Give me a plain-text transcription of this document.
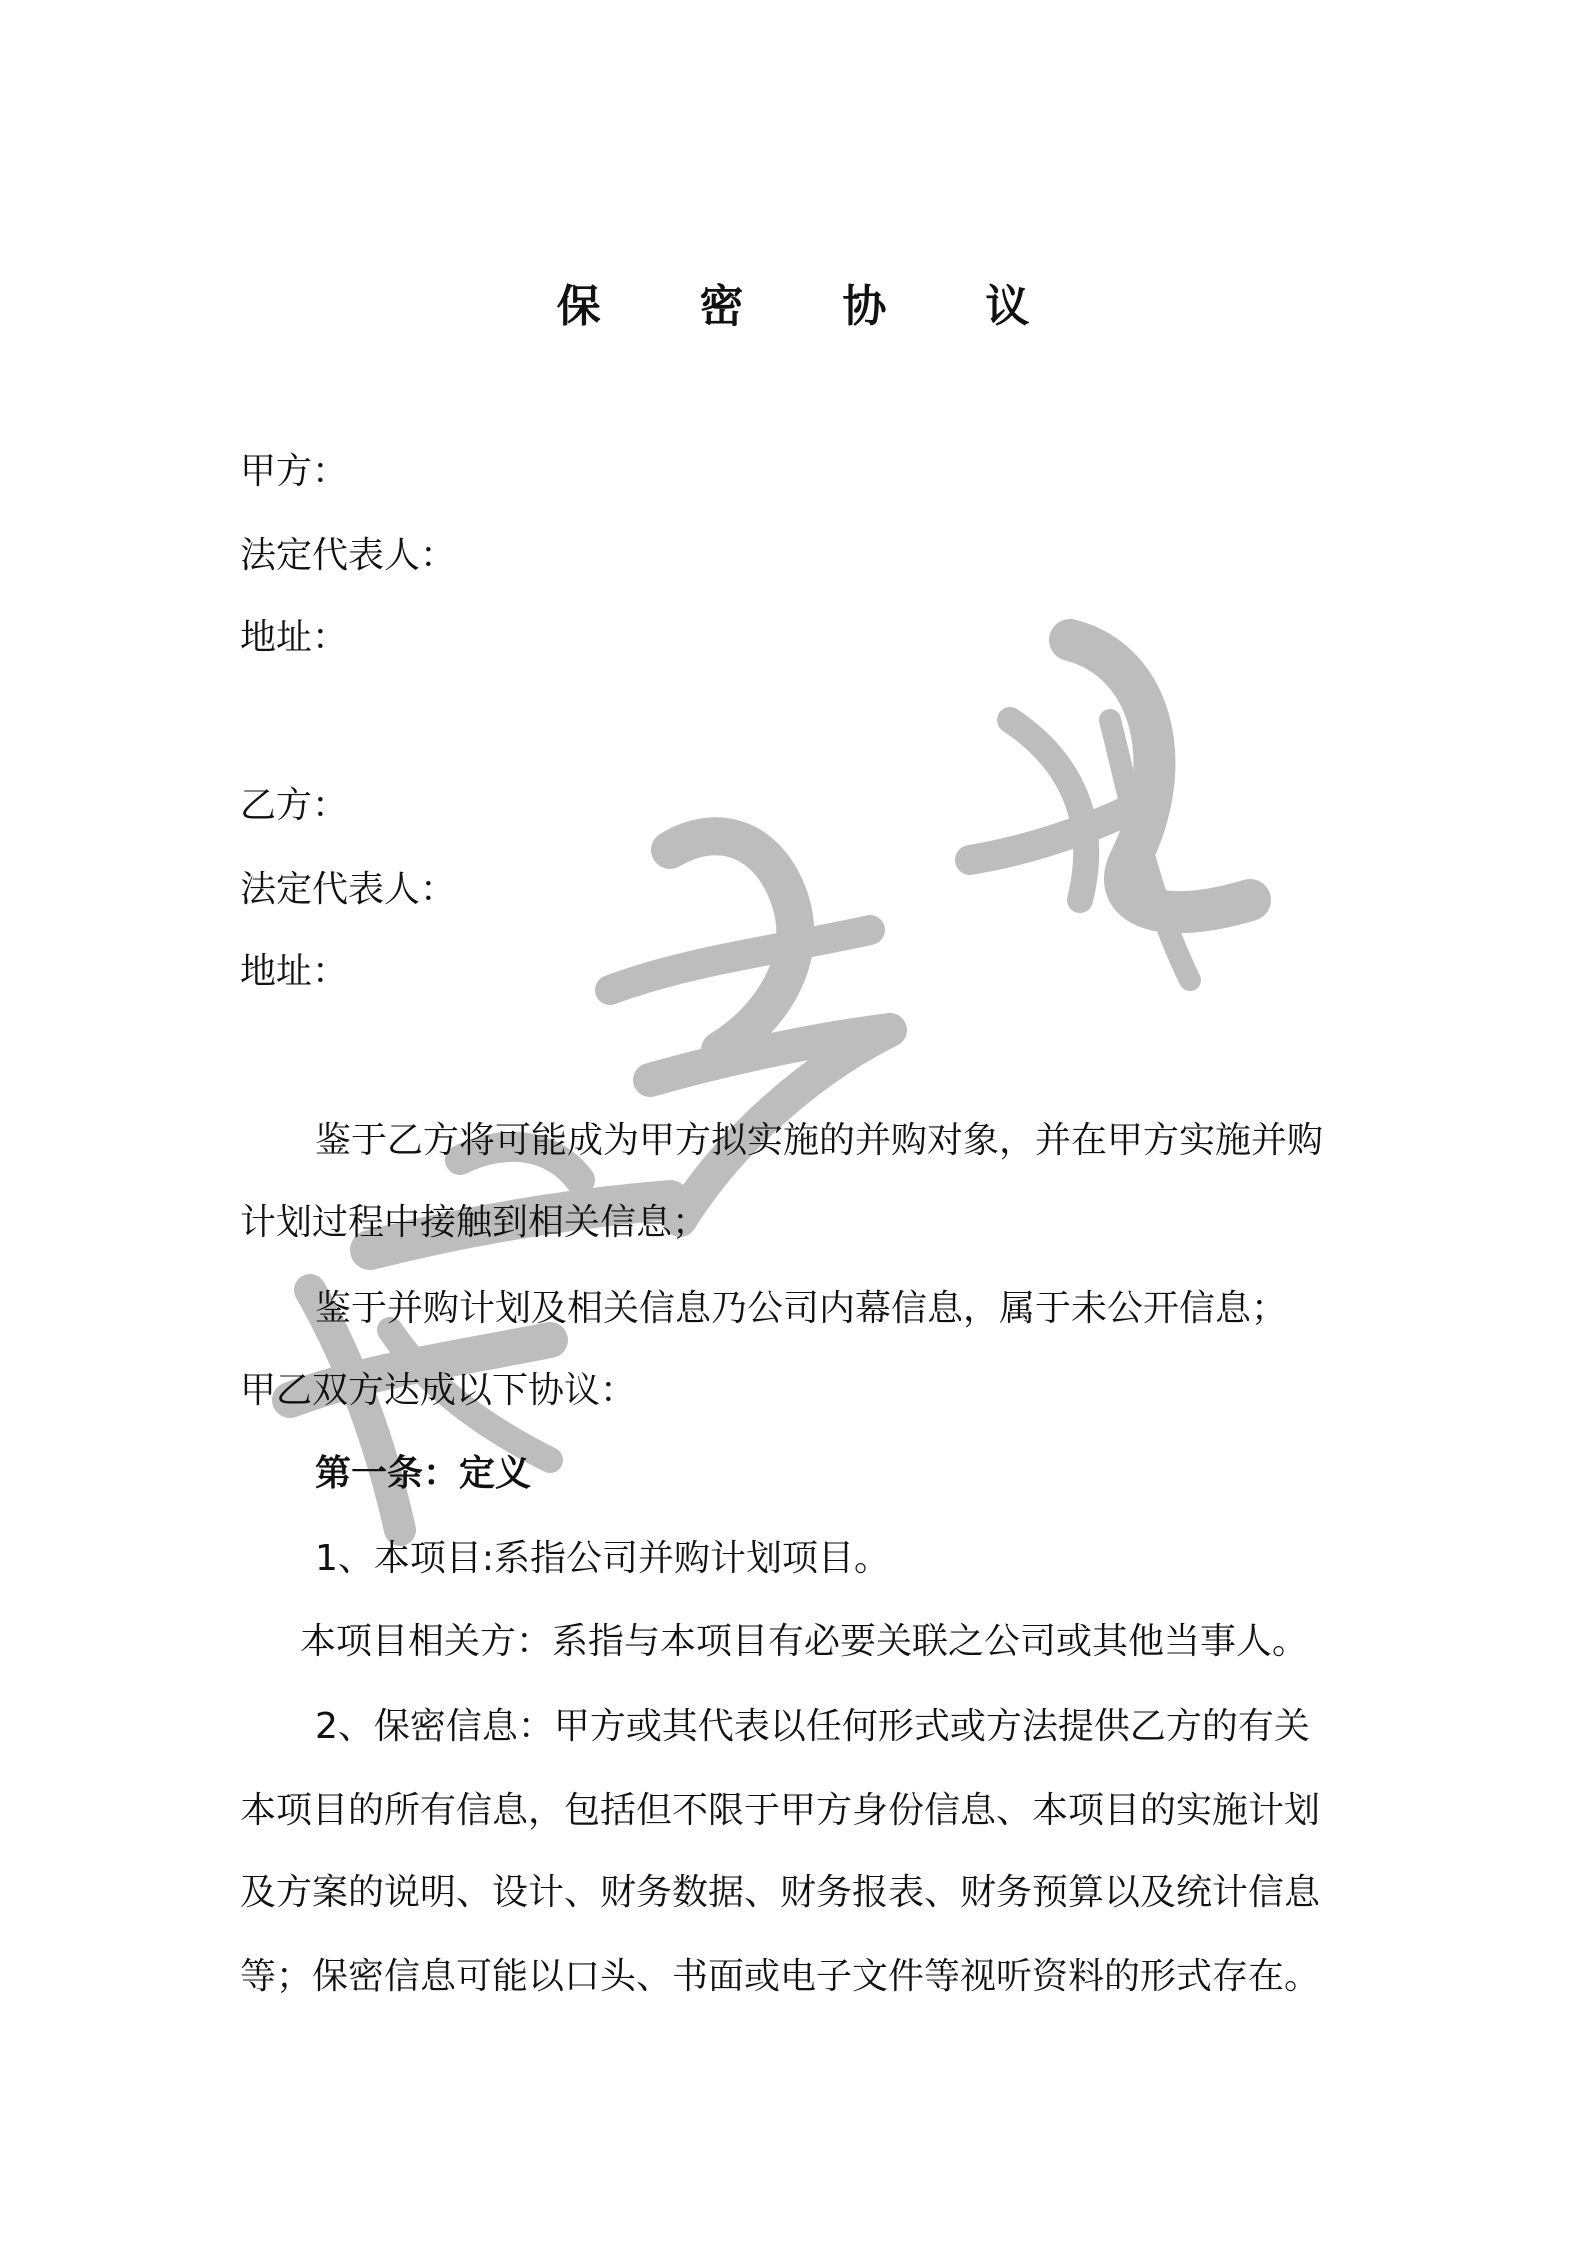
保 密 协 议
甲方：
法定代表人：
地址：
乙方：
法定代表人：
地址：
鉴于乙方将可能成为甲方拟实施的并购对象，并在甲方实施并购
计划过程中接触到相关信息；
鉴于并购计划及相关信息乃公司内幕信息，属于未公开信息；
甲乙双方达成以下协议：
第一条：定义
1、本项目:系指公司并购计划项目。
本项目相关方：系指与本项目有必要关联之公司或其他当事人。
2、保密信息：甲方或其代表以任何形式或方法提供乙方的有关
本项目的所有信息，包括但不限于甲方身份信息、本项目的实施计划
及方案的说明、设计、财务数据、财务报表、财务预算以及统计信息
等；保密信息可能以口头、书面或电子文件等视听资料的形式存在。
